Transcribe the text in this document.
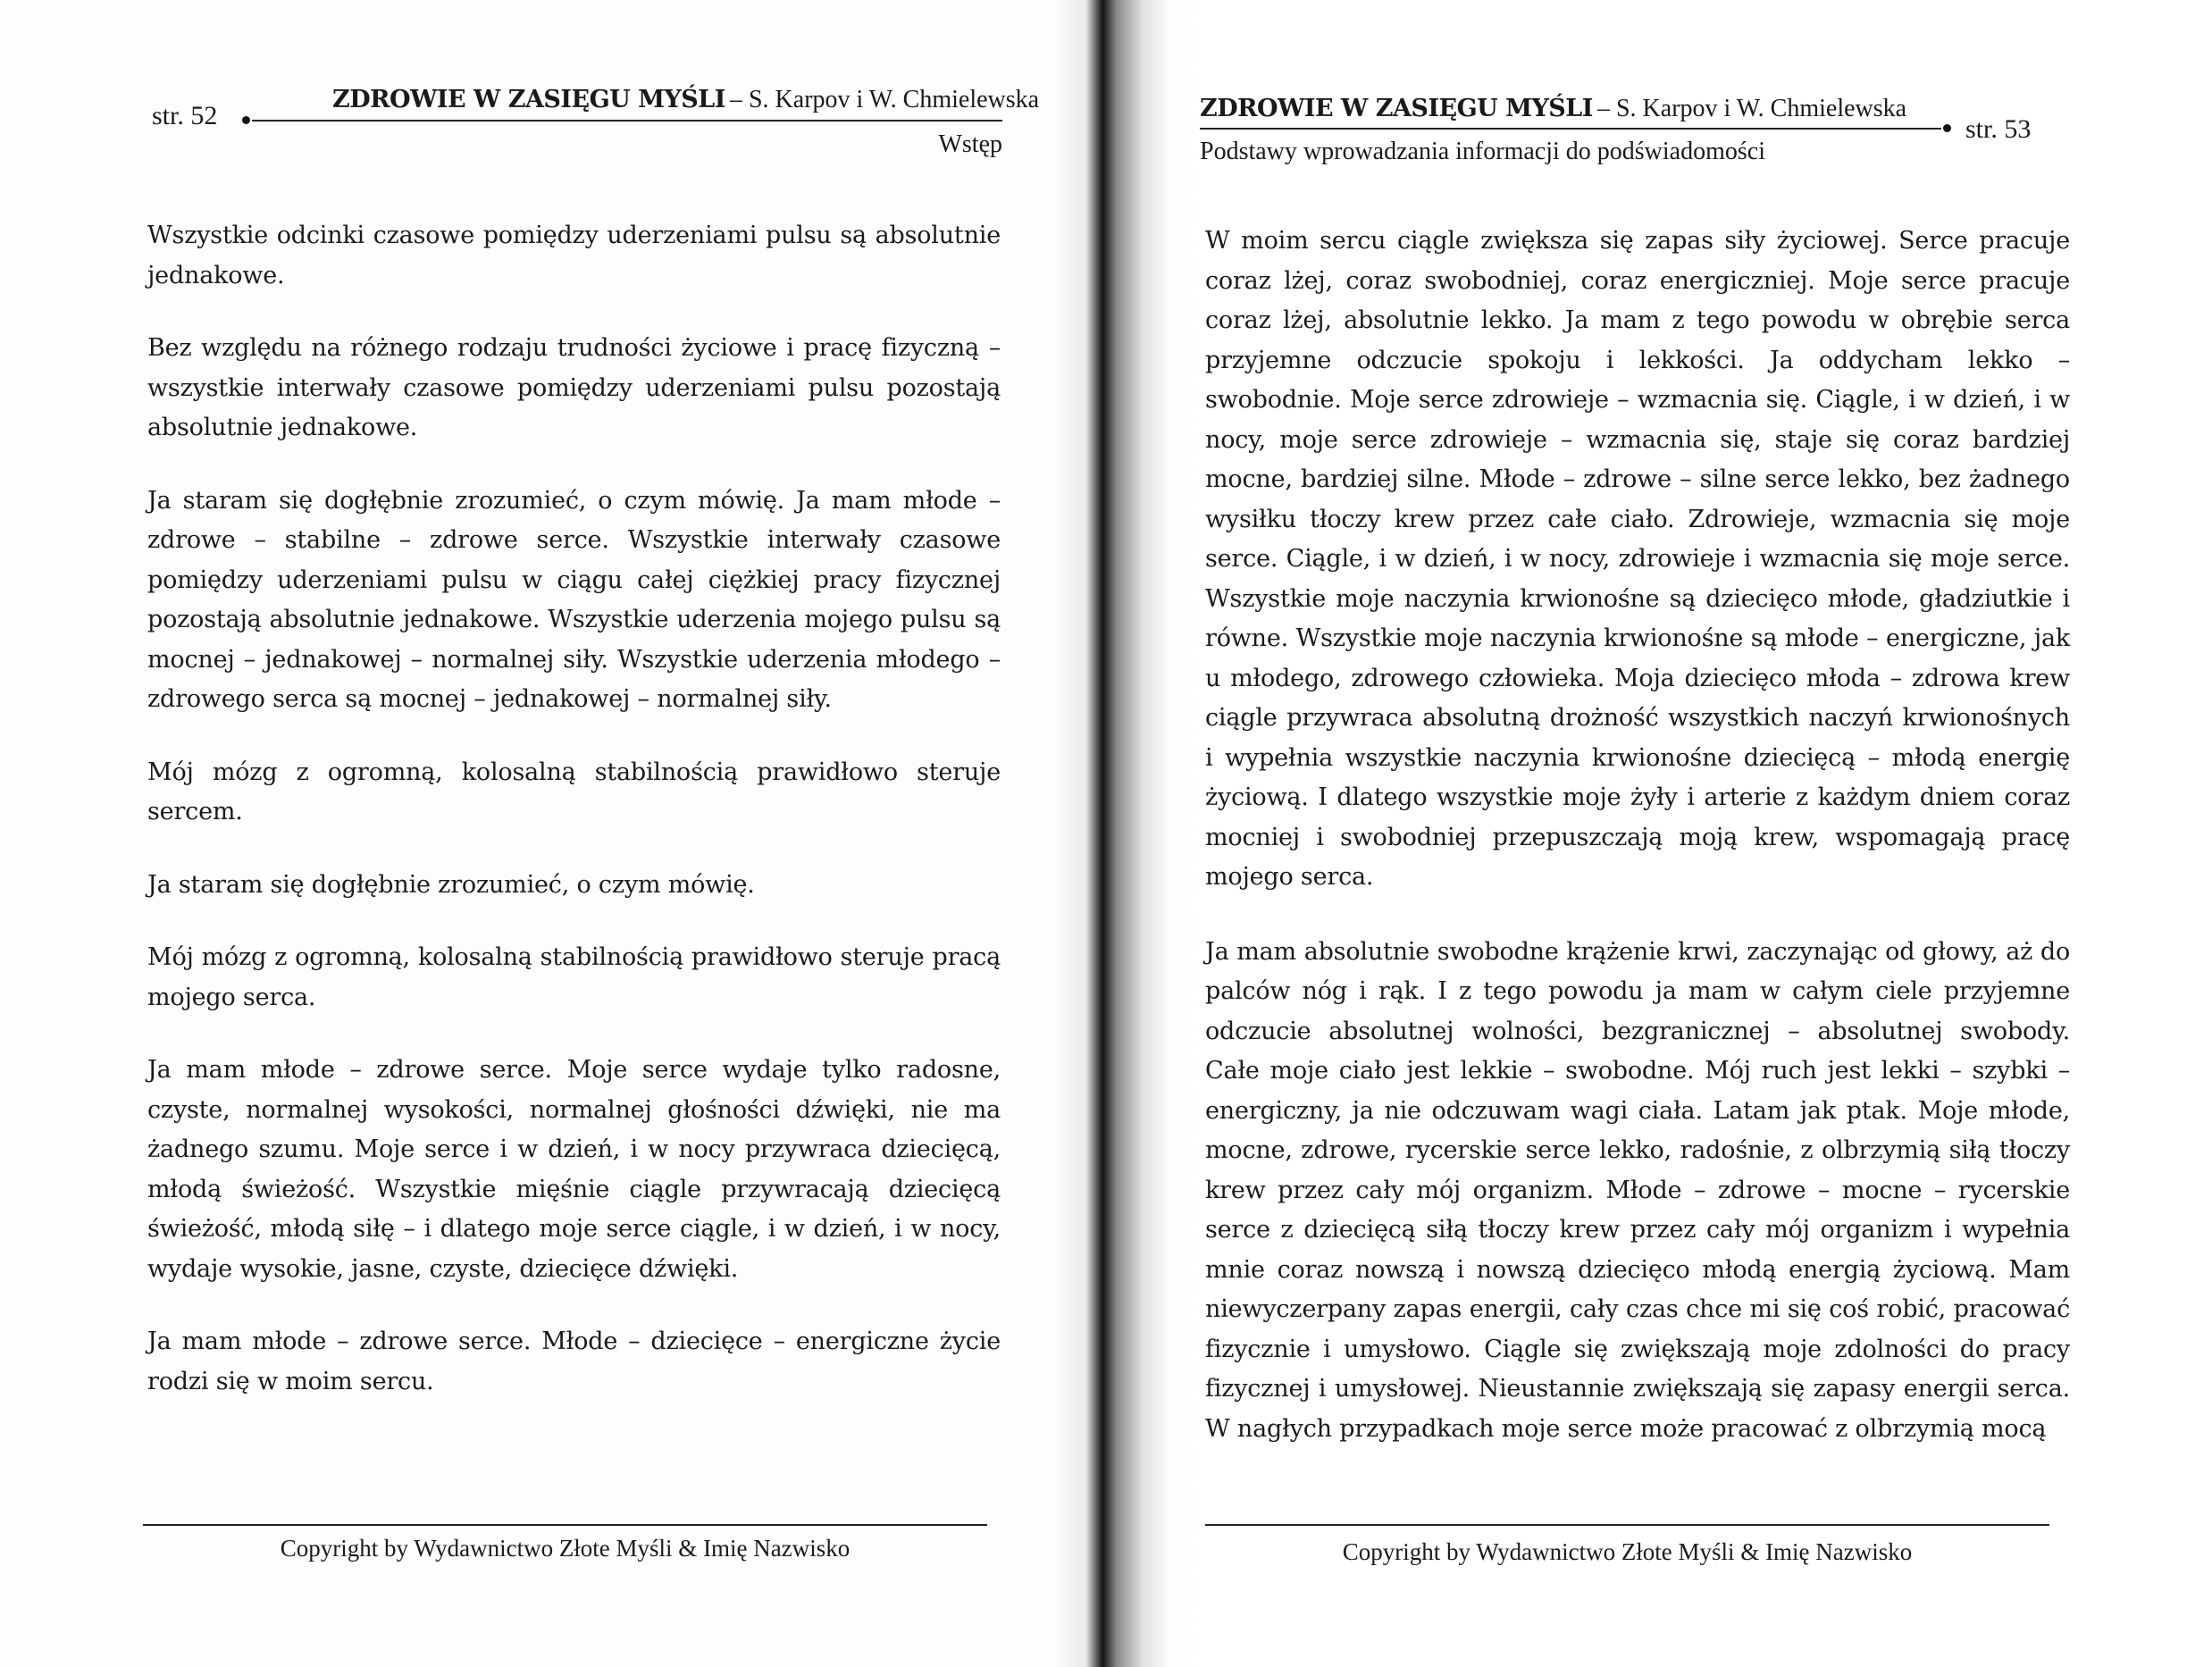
str. 52
ZDROWIE W ZASIĘGU MYŚLI – S. Karpov i W. Chmielewska
Wstęp

Wszystkie odcinki czasowe pomiędzy uderzeniami pulsu są absolutnie jednakowe.

Bez względu na różnego rodzaju trudności życiowe i pracę fizyczną – wszystkie interwały czasowe pomiędzy uderzeniami pulsu pozostają absolutnie jednakowe.

Ja staram się dogłębnie zrozumieć, o czym mówię. Ja mam młode – zdrowe – stabilne – zdrowe serce. Wszystkie interwały czasowe pomiędzy uderzeniami pulsu w ciągu całej ciężkiej pracy fizycznej pozostają absolutnie jednakowe. Wszystkie uderzenia mojego pulsu są mocnej – jednakowej – normalnej siły. Wszystkie uderzenia młodego – zdrowego serca są mocnej – jednakowej – normalnej siły.

Mój mózg z ogromną, kolosalną stabilnością prawidłowo steruje sercem.

Ja staram się dogłębnie zrozumieć, o czym mówię.

Mój mózg z ogromną, kolosalną stabilnością prawidłowo steruje pracą mojego serca.

Ja mam młode – zdrowe serce. Moje serce wydaje tylko radosne, czyste, normalnej wysokości, normalnej głośności dźwięki, nie ma żadnego szumu. Moje serce i w dzień, i w nocy przywraca dziecięcą, młodą świeżość. Wszystkie mięśnie ciągle przywracają dziecięcą świeżość, młodą siłę – i dlatego moje serce ciągle, i w dzień, i w nocy, wydaje wysokie, jasne, czyste, dziecięce dźwięki.

Ja mam młode – zdrowe serce. Młode – dziecięce – energiczne życie rodzi się w moim sercu.

Copyright by Wydawnictwo Złote Myśli & Imię Nazwisko
ZDROWIE W ZASIĘGU MYŚLI – S. Karpov i W. Chmielewska
str. 53
Podstawy wprowadzania informacji do podświadomości

W moim sercu ciągle zwiększa się zapas siły życiowej. Serce pracuje coraz lżej, coraz swobodniej, coraz energiczniej. Moje serce pracuje coraz lżej, absolutnie lekko. Ja mam z tego powodu w obrębie serca przyjemne odczucie spokoju i lekkości. Ja oddycham lekko – swobodnie. Moje serce zdrowieje – wzmacnia się. Ciągle, i w dzień, i w nocy, moje serce zdrowieje – wzmacnia się, staje się coraz bardziej mocne, bardziej silne. Młode – zdrowe – silne serce lekko, bez żadnego wysiłku tłoczy krew przez całe ciało. Zdrowieje, wzmacnia się moje serce. Ciągle, i w dzień, i w nocy, zdrowieje i wzmacnia się moje serce. Wszystkie moje naczynia krwionośne są dziecięco młode, gładziutkie i równe. Wszystkie moje naczynia krwionośne są młode – energiczne, jak u młodego, zdrowego człowieka. Moja dziecięco młoda – zdrowa krew ciągle przywraca absolutną drożność wszystkich naczyń krwionośnych i wypełnia wszystkie naczynia krwionośne dziecięcą – młodą energię życiową. I dlatego wszystkie moje żyły i arterie z każdym dniem coraz mocniej i swobodniej przepuszczają moją krew, wspomagają pracę mojego serca.

Ja mam absolutnie swobodne krążenie krwi, zaczynając od głowy, aż do palców nóg i rąk. I z tego powodu ja mam w całym ciele przyjemne odczucie absolutnej wolności, bezgranicznej – absolutnej swobody. Całe moje ciało jest lekkie – swobodne. Mój ruch jest lekki – szybki – energiczny, ja nie odczuwam wagi ciała. Latam jak ptak. Moje młode, mocne, zdrowe, rycerskie serce lekko, radośnie, z olbrzymią siłą tłoczy krew przez cały mój organizm. Młode – zdrowe – mocne – rycerskie serce z dziecięcą siłą tłoczy krew przez cały mój organizm i wypełnia mnie coraz nowszą i nowszą dziecięco młodą energią życiową. Mam niewyczerpany zapas energii, cały czas chce mi się coś robić, pracować fizycznie i umysłowo. Ciągle się zwiększają moje zdolności do pracy fizycznej i umysłowej. Nieustannie zwiększają się zapasy energii serca. W nagłych przypadkach moje serce może pracować z olbrzymią mocą

Copyright by Wydawnictwo Złote Myśli & Imię Nazwisko
